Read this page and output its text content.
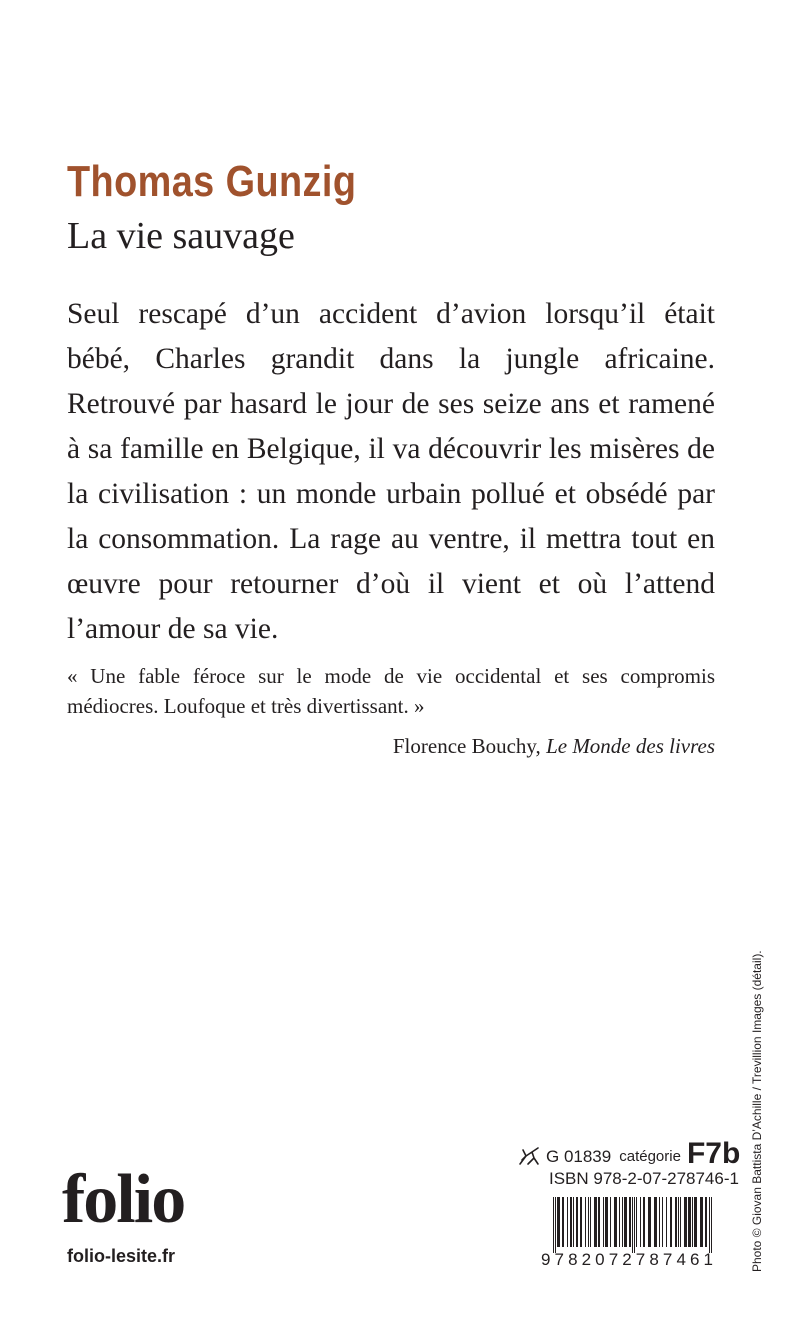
Thomas Gunzig
La vie sauvage

Seul rescapé d’un accident d’avion lorsqu’il était bébé, Charles grandit dans la jungle africaine. Retrouvé par hasard le jour de ses seize ans et ramené à sa famille en Belgique, il va découvrir les misères de la civilisation : un monde urbain pollué et obsédé par la consommation. La rage au ventre, il mettra tout en œuvre pour retourner d’où il vient et où l’attend l’amour de sa vie.

« Une fable féroce sur le mode de vie occidental et ses compromis médiocres. Loufoque et très divertissant. »

Florence Bouchy, Le Monde des livres
G 01839 catégorie F7b
ISBN 978-2-07-278746-1
folio
folio-lesite.fr	9782072787461	Photo © Giovan Battista D’Achille / Trevillion Images (détail).
